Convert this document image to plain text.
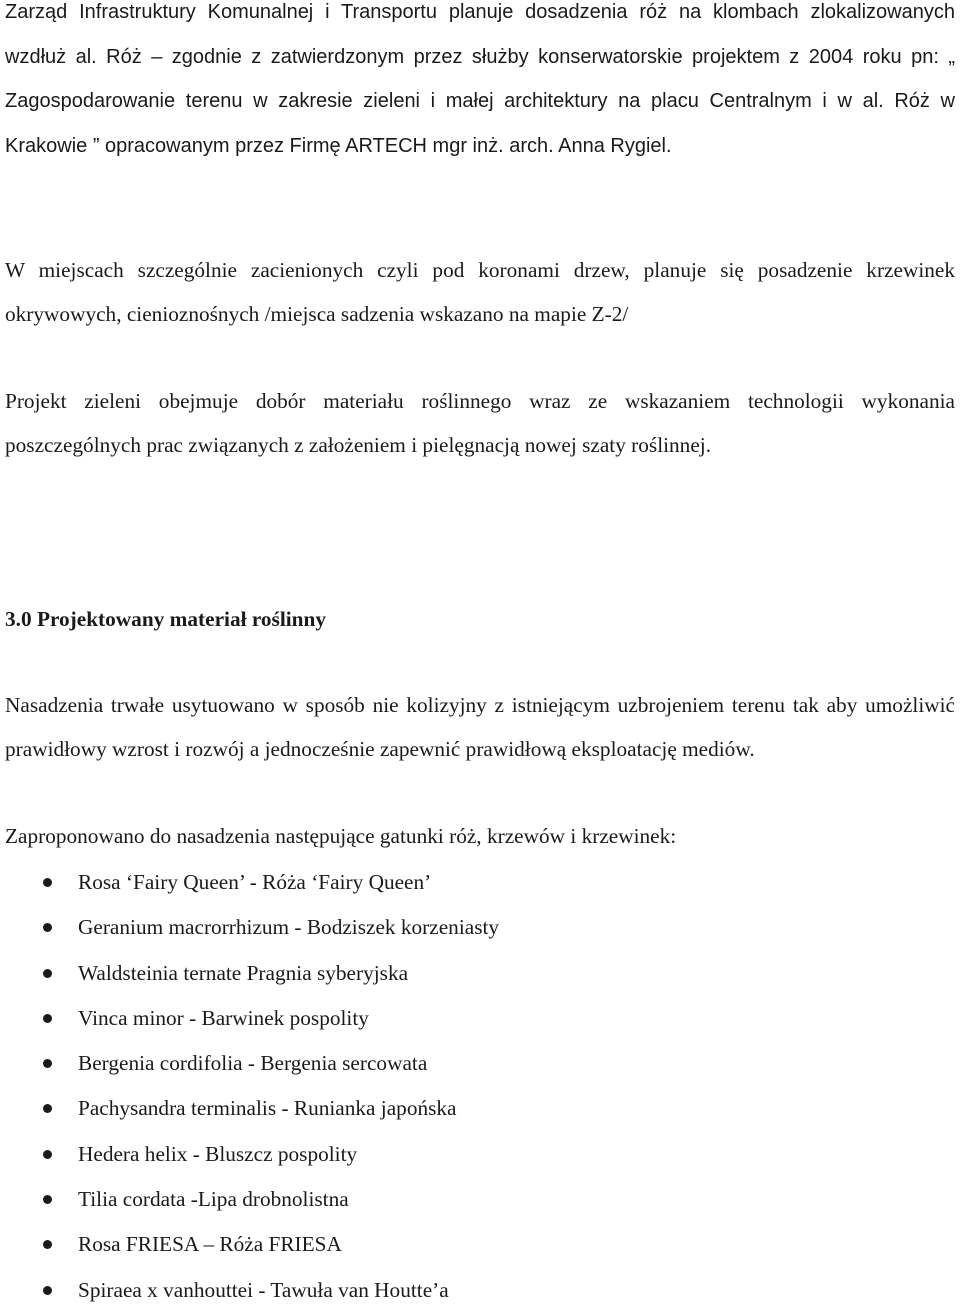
Zarząd Infrastruktury Komunalnej i Transportu planuje dosadzenia róż na klombach zlokalizowanych wzdłuż al. Róż – zgodnie z zatwierdzonym przez służby konserwatorskie projektem z 2004 roku pn: „ Zagospodarowanie terenu w zakresie zieleni i małej architektury na placu Centralnym i w al. Róż w Krakowie ” opracowanym przez Firmę ARTECH mgr inż. arch. Anna Rygiel.

W miejscach szczególnie zacienionych czyli pod koronami drzew, planuje się posadzenie krzewinek okrywowych, cienioznośnych /miejsca sadzenia wskazano na mapie Z-2/

Projekt zieleni obejmuje dobór materiału roślinnego wraz ze wskazaniem technologii wykonania poszczególnych prac związanych z założeniem i pielęgnacją nowej szaty roślinnej.

3.0 Projektowany materiał roślinny

Nasadzenia trwałe usytuowano w sposób nie kolizyjny z istniejącym uzbrojeniem terenu tak aby umożliwić prawidłowy wzrost i rozwój a jednocześnie zapewnić prawidłową eksploatację mediów.

Zaproponowano do nasadzenia następujące gatunki róż, krzewów i krzewinek:

Rosa ‘Fairy Queen’ - Róża ‘Fairy Queen’
Geranium macrorrhizum - Bodziszek korzeniasty
Waldsteinia ternate Pragnia syberyjska
Vinca minor - Barwinek pospolity
Bergenia cordifolia - Bergenia sercowata
Pachysandra terminalis - Runianka japońska
Hedera helix - Bluszcz pospolity
Tilia cordata -Lipa drobnolistna
Rosa FRIESA – Róża FRIESA
Spiraea x vanhouttei - Tawuła van Houtte’a
